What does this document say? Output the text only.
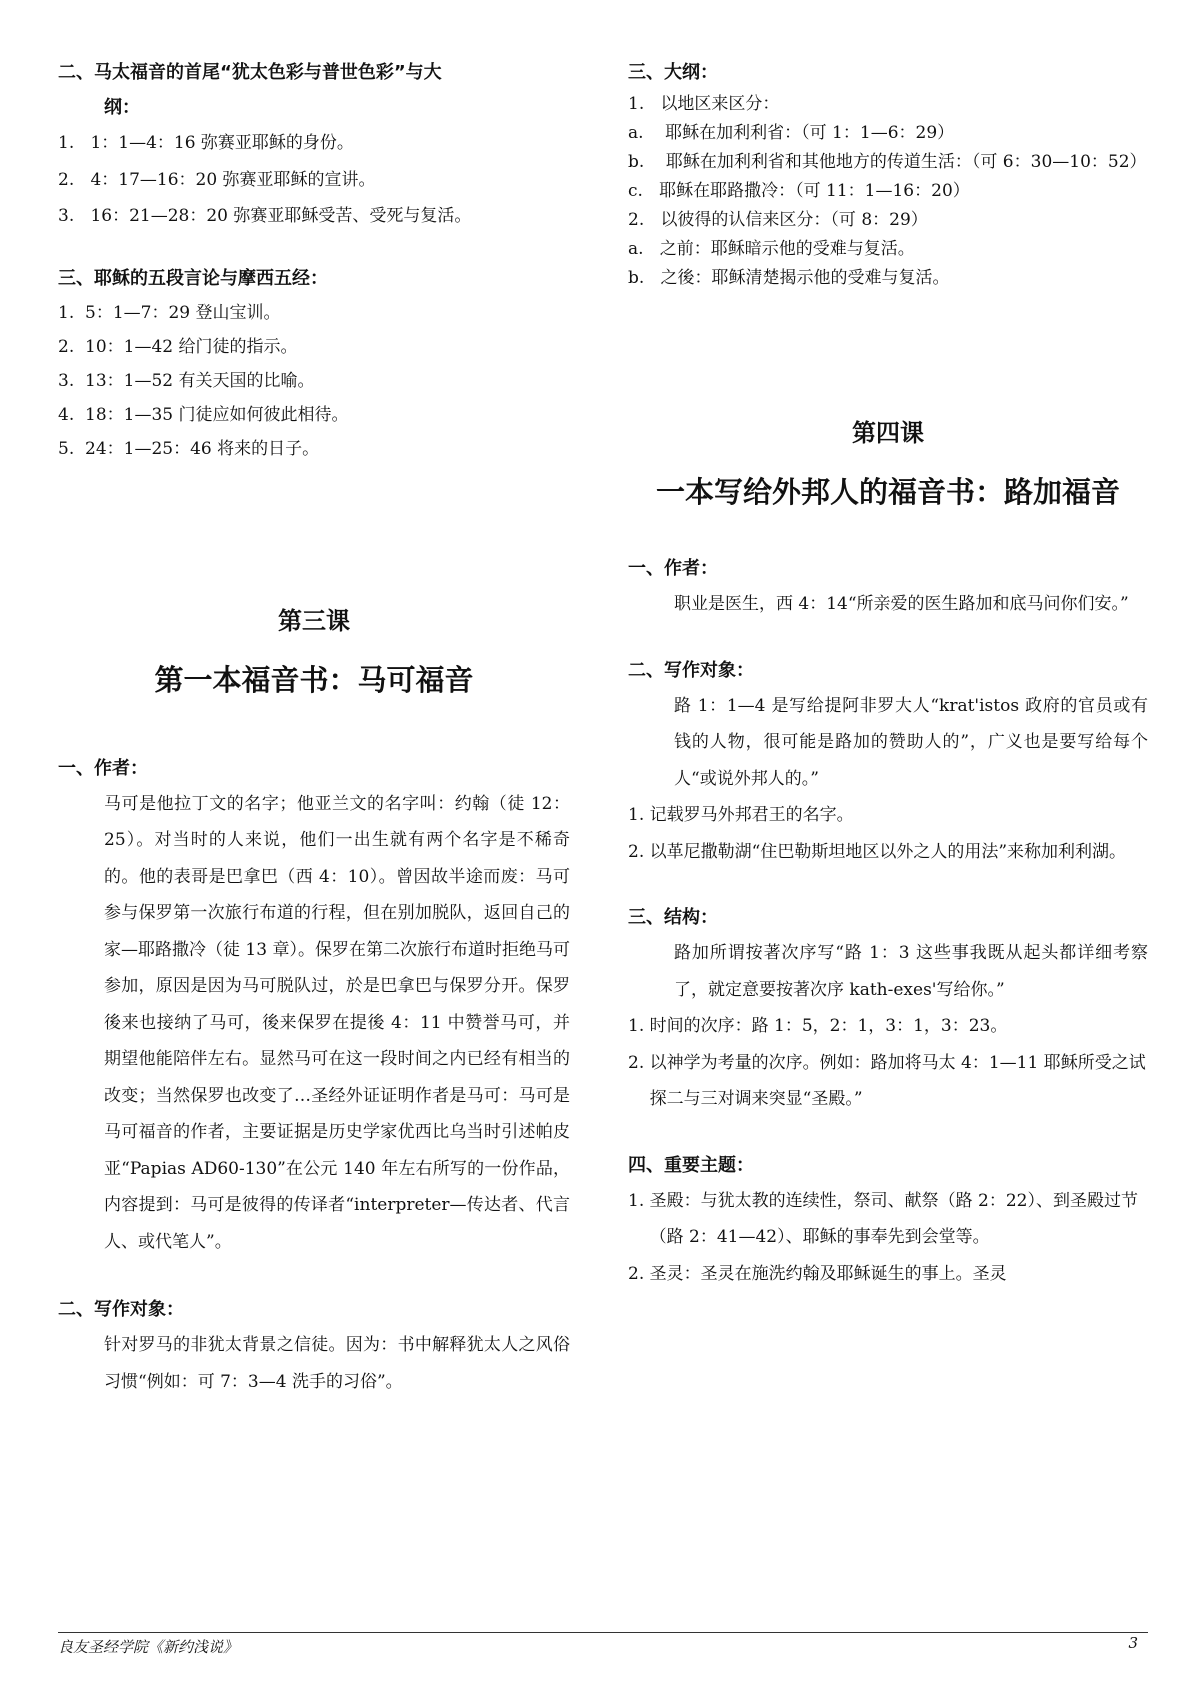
二、马太福音的首尾“犹太色彩与普世色彩”与大
纲：

1. 1：1—4：16 弥赛亚耶稣的身份。

2. 4：17—16：20 弥赛亚耶稣的宣讲。

3. 16：21—28：20 弥赛亚耶稣受苦、受死与复活。

三、耶稣的五段言论与摩西五经：

1. 5：1—7：29 登山宝训。

2. 10：1—42 给门徒的指示。

3. 13：1—52 有关天国的比喻。

4. 18：1—35 门徒应如何彼此相待。

5. 24：1—25：46 将来的日子。

第三课

第一本福音书：马可福音

一、作者：

马可是他拉丁文的名字；他亚兰文的名字叫：约翰（徒 12：25）。对当时的人来说，他们一出生就有两个名字是不稀奇的。他的表哥是巴拿巴（西 4：10）。曾因故半途而废：马可参与保罗第一次旅行布道的行程，但在别加脱队，返回自己的家—耶路撒冷（徒 13 章）。保罗在第二次旅行布道时拒绝马可参加，原因是因为马可脱队过，於是巴拿巴与保罗分开。保罗後来也接纳了马可，後来保罗在提後 4：11 中赞誉马可，并期望他能陪伴左右。显然马可在这一段时间之内已经有相当的改变；当然保罗也改变了…圣经外证证明作者是马可：马可是马可福音的作者，主要证据是历史学家优西比乌当时引述帕皮亚“Papias AD60-130”在公元 140 年左右所写的一份作品，内容提到：马可是彼得的传译者“interpreter—传达者、代言人、或代笔人”。

二、写作对象：

针对罗马的非犹太背景之信徒。因为：书中解释犹太人之风俗习惯“例如：可 7：3—4 洗手的习俗”。

三、大纲：

1. 以地区来区分：

a. 耶稣在加利利省：（可 1：1—6：29）

b. 耶稣在加利利省和其他地方的传道生活：（可 6：30—10：52）

c. 耶稣在耶路撒冷：（可 11：1—16：20）

2. 以彼得的认信来区分：（可 8：29）

a. 之前：耶稣暗示他的受难与复活。

b. 之後：耶稣清楚揭示他的受难与复活。

第四课

一本写给外邦人的福音书：路加福音

一、作者：

职业是医生，西 4：14“所亲爱的医生路加和底马问你们安。”

二、写作对象：

路 1：1—4 是写给提阿非罗大人“krat'istos 政府的官员或有钱的人物，很可能是路加的赞助人的”，广义也是要写给每个人“或说外邦人的。”

1. 记载罗马外邦君王的名字。

2. 以革尼撒勒湖“住巴勒斯坦地区以外之人的用法”来称加利利湖。

三、结构：

路加所谓按著次序写“路 1：3 这些事我既从起头都详细考察了，就定意要按著次序 kath-exes'写给你。”

1. 时间的次序：路 1：5，2：1，3：1，3：23。

2. 以神学为考量的次序。例如：路加将马太 4：1—11 耶稣所受之试探二与三对调来突显“圣殿。”

四、重要主题：

1. 圣殿：与犹太教的连续性，祭司、献祭（路 2：22）、到圣殿过节（路 2：41—42）、耶稣的事奉先到会堂等。

2. 圣灵：圣灵在施洗约翰及耶稣诞生的事上。圣灵

良友圣经学院《新约浅说》	3
